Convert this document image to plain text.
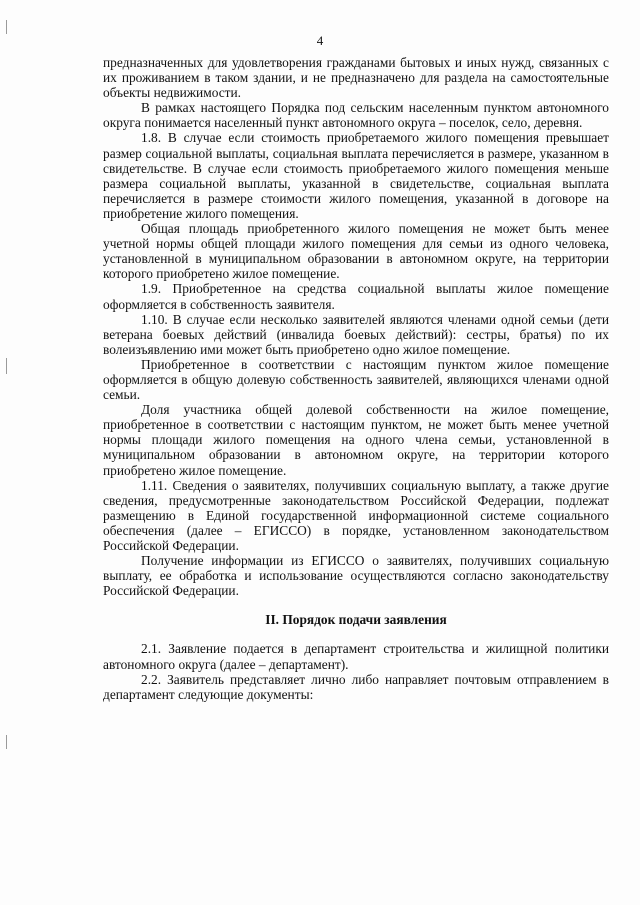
4

предназначенных для удовлетворения гражданами бытовых и иных нужд, связанных с их проживанием в таком здании, и не предназначено для раздела на самостоятельные объекты недвижимости.

В рамках настоящего Порядка под сельским населенным пунктом автономного округа понимается населенный пункт автономного округа – поселок, село, деревня.

1.8. В случае если стоимость приобретаемого жилого помещения превышает размер социальной выплаты, социальная выплата перечисляется в размере, указанном в свидетельстве. В случае если стоимость приобретаемого жилого помещения меньше размера социальной выплаты, указанной в свидетельстве, социальная выплата перечисляется в размере стоимости жилого помещения, указанной в договоре на приобретение жилого помещения.

Общая площадь приобретенного жилого помещения не может быть менее учетной нормы общей площади жилого помещения для семьи из одного человека, установленной в муниципальном образовании в автономном округе, на территории которого приобретено жилое помещение.

1.9. Приобретенное на средства социальной выплаты жилое помещение оформляется в собственность заявителя.

1.10. В случае если несколько заявителей являются членами одной семьи (дети ветерана боевых действий (инвалида боевых действий): сестры, братья) по их волеизъявлению ими может быть приобретено одно жилое помещение.

Приобретенное в соответствии с настоящим пунктом жилое помещение оформляется в общую долевую собственность заявителей, являющихся членами одной семьи.

Доля участника общей долевой собственности на жилое помещение, приобретенное в соответствии с настоящим пунктом, не может быть менее учетной нормы площади жилого помещения на одного члена семьи, установленной в муниципальном образовании в автономном округе, на территории которого приобретено жилое помещение.

1.11. Сведения о заявителях, получивших социальную выплату, а также другие сведения, предусмотренные законодательством Российской Федерации, подлежат размещению в Единой государственной информационной системе социального обеспечения (далее – ЕГИССО) в порядке, установленном законодательством Российской Федерации.

Получение информации из ЕГИССО о заявителях, получивших социальную выплату, ее обработка и использование осуществляются согласно законодательству Российской Федерации.

II. Порядок подачи заявления

2.1. Заявление подается в департамент строительства и жилищной политики автономного округа (далее – департамент).

2.2. Заявитель представляет лично либо направляет почтовым отправлением в департамент следующие документы:
